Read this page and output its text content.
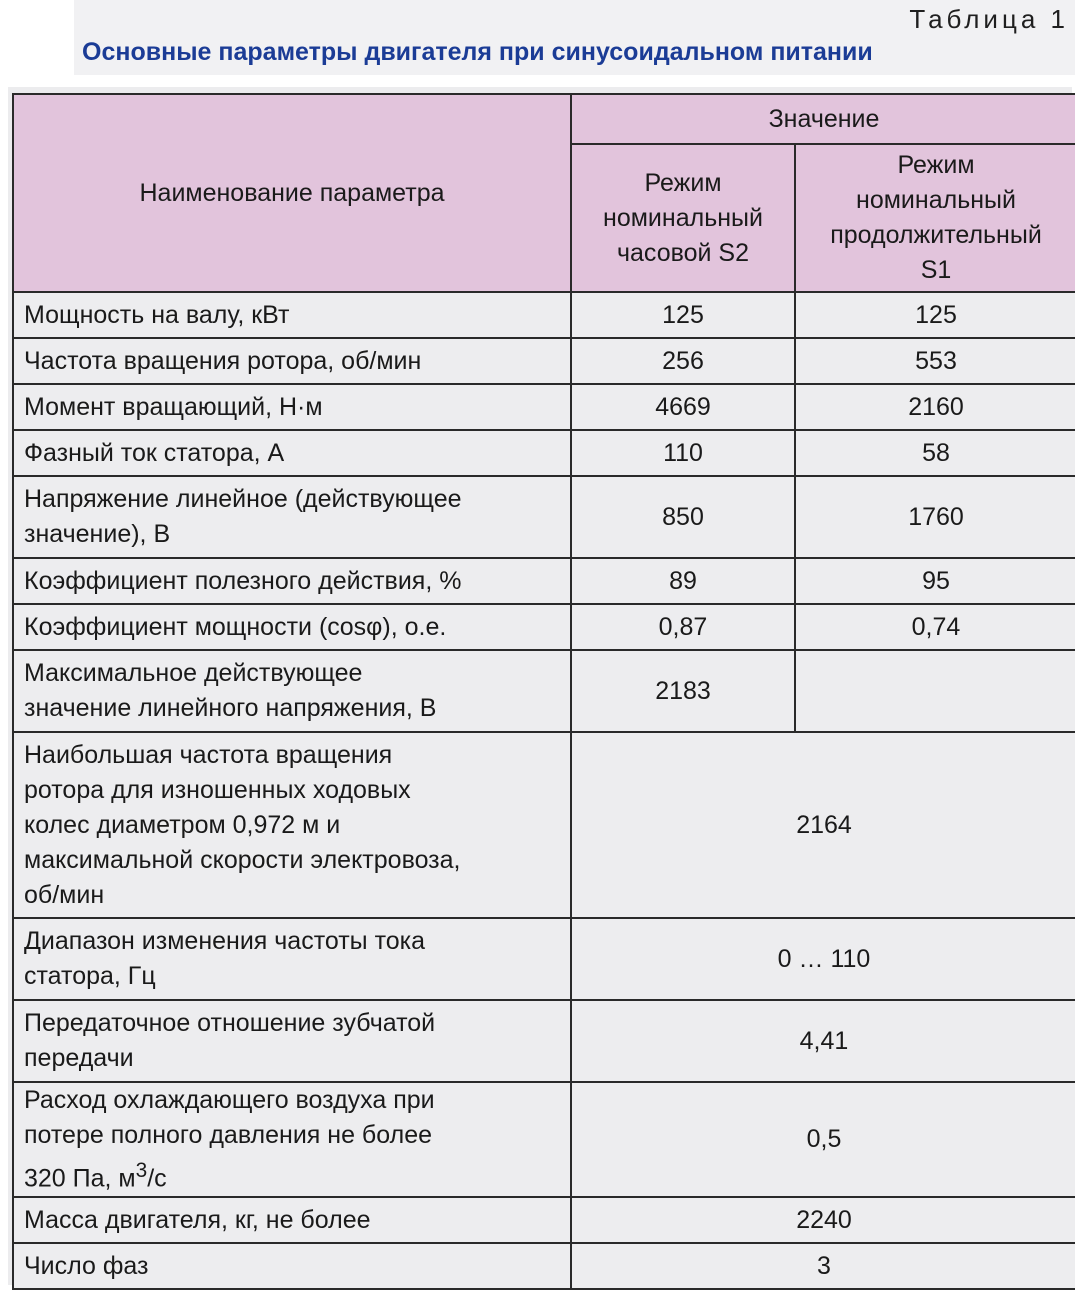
Таблица 1
Основные параметры двигателя при синусоидальном питании
Наименование параметра	Значение	
	Режим
номинальный
часовой S2	Режим
номинальный
продолжительный
S1
Мощность на валу, кВт	125	125
Частота вращения ротора, об/мин	256	553
Момент вращающий, Н·м	4669	2160
Фазный ток статора, А	110	58
Напряжение линейное (действующее
значение), В	850	1760
Коэффициент полезного действия, %	89	95
Коэффициент мощности (cosφ), о.е.	0,87	0,74
Максимальное действующее
значение линейного напряжения, В	2183	
Наибольшая частота вращения
ротора для изношенных ходовых
колес диаметром 0,972 м и
максимальной скорости электровоза,
об/мин	2164	
Диапазон изменения частоты тока
статора, Гц	0 … 110	
Передаточное отношение зубчатой
передачи	4,41	
Расход охлаждающего воздуха при
потере полного давления не более
320 Па, $м^3/с$	0,5	
Масса двигателя, кг, не более	2240	
Число фаз	3	
